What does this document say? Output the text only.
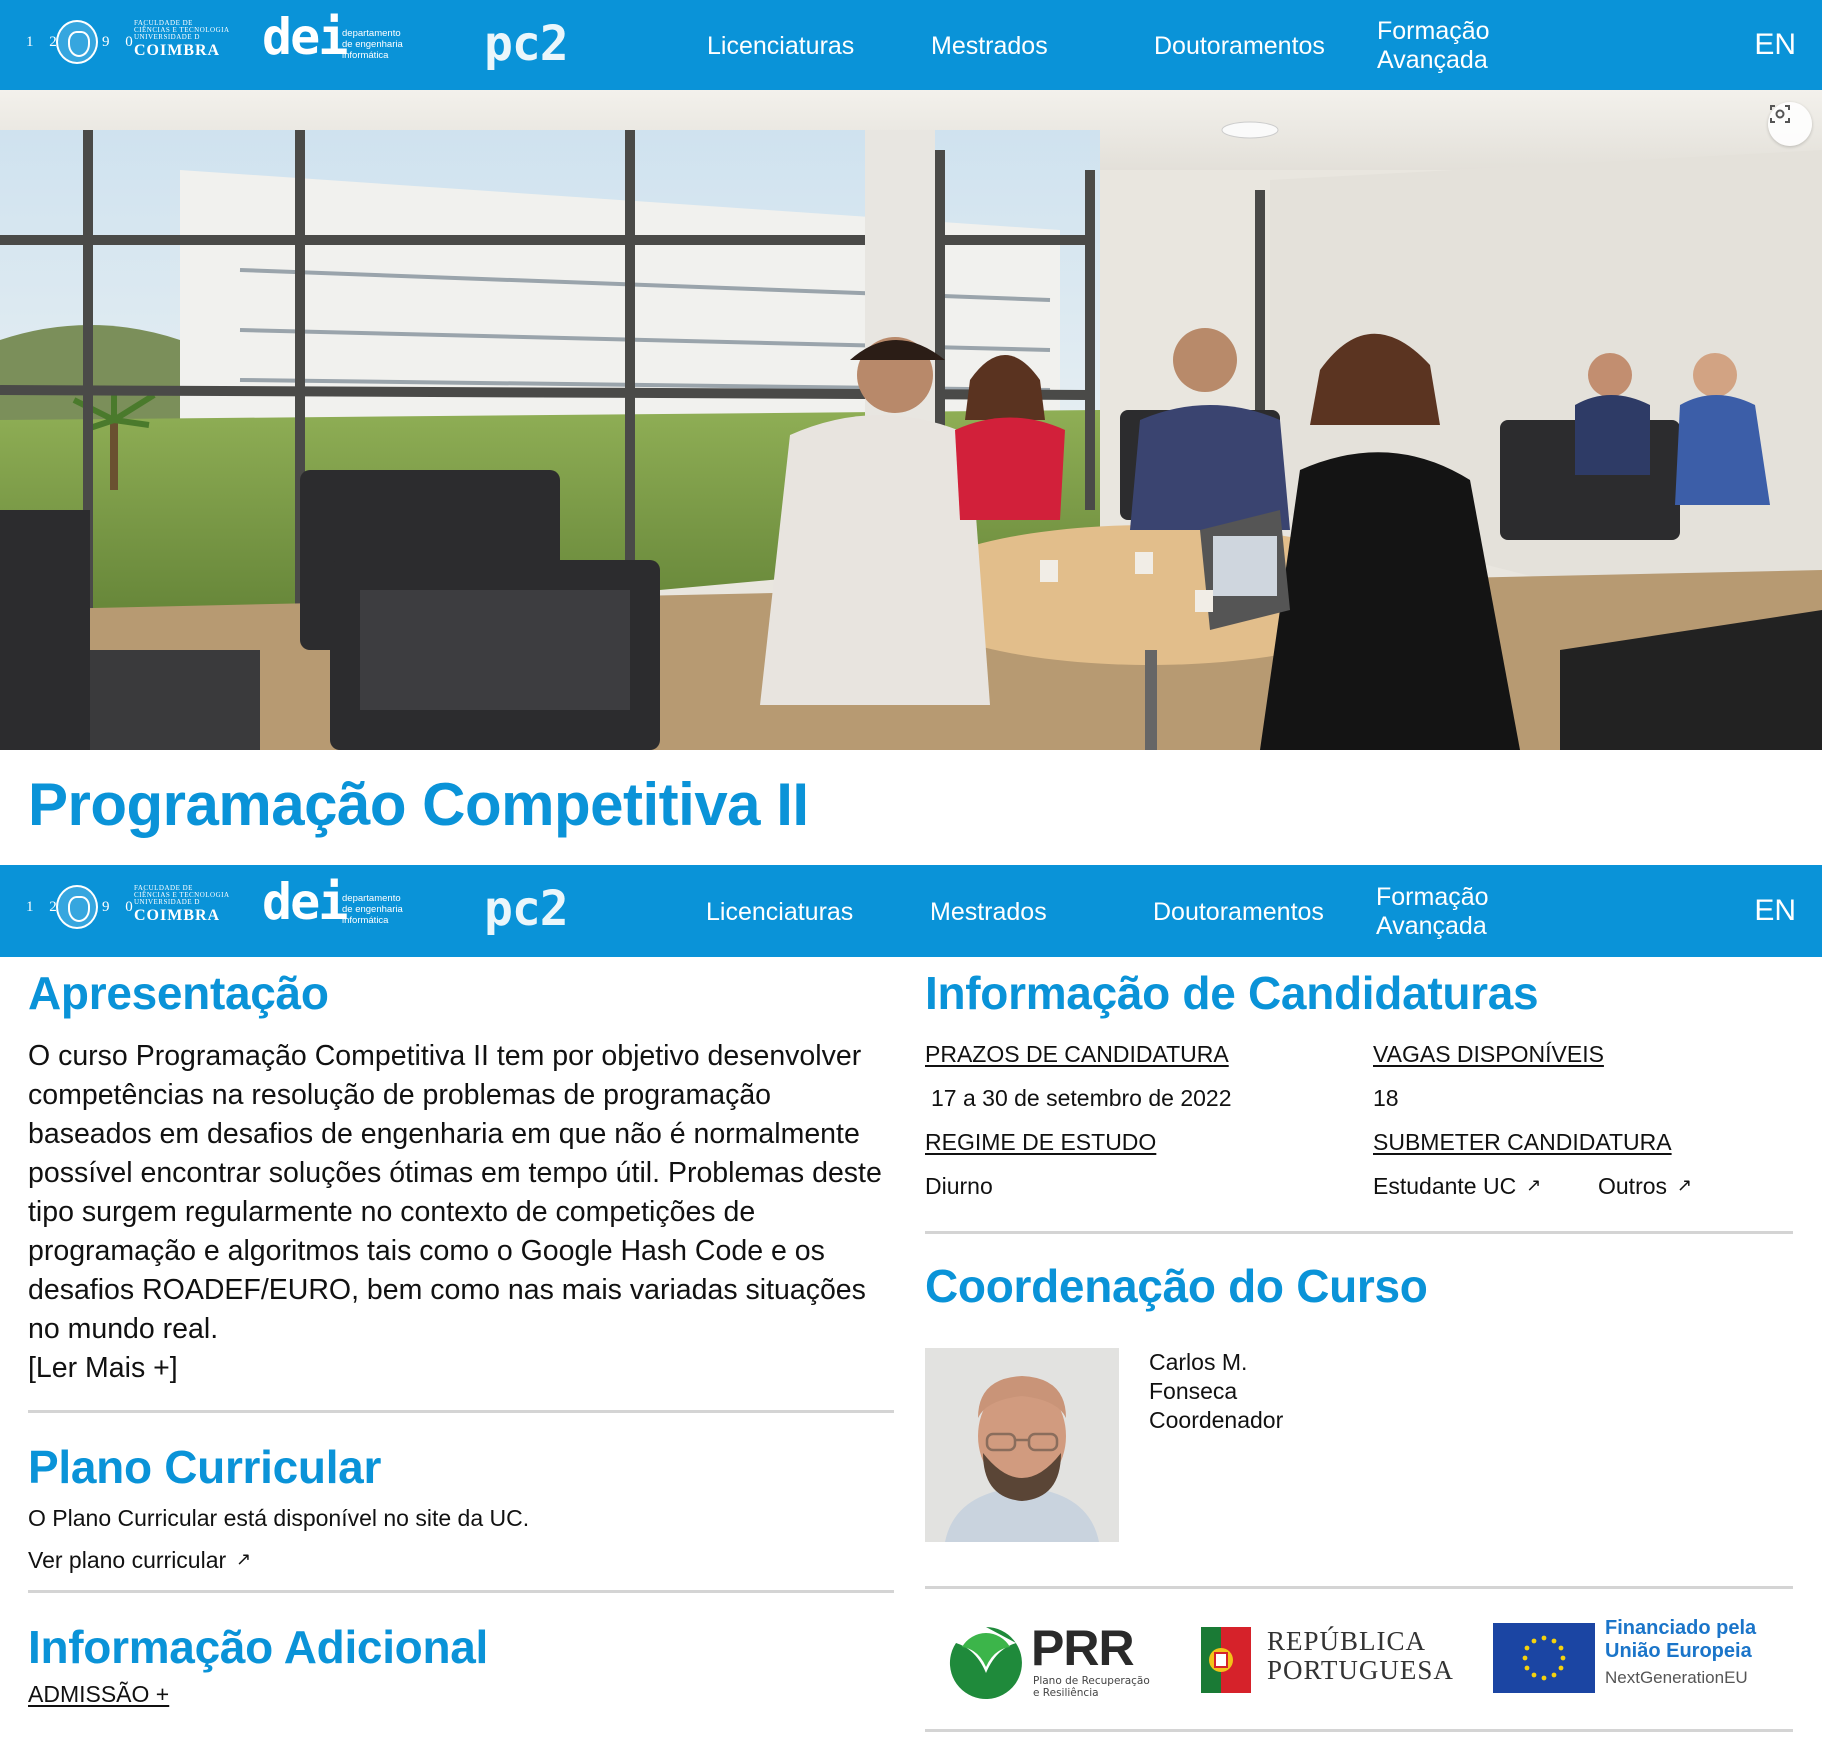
1 2	9 0
FACULDADE DE
CIÊNCIAS E TECNOLOGIA
UNIVERSIDADE D
COIMBRA dei
departamento
de engenharia
informática	pc2	Licenciaturas	Mestrados	Doutoramentos
Formação
Avançada	EN
Programação Competitiva II
1 2	9 0
FACULDADE DE
CIÊNCIAS E TECNOLOGIA
UNIVERSIDADE D
COIMBRA dei
departamento
de engenharia
informática	pc2	Licenciaturas	Mestrados	Doutoramentos
Formação
Avançada	EN
Apresentação

O curso Programação Competitiva II tem por objetivo desenvolver competências na resolução de problemas de programação baseados em desafios de engenharia em que não é normalmente possível encontrar soluções ótimas em tempo útil. Problemas deste tipo surgem regularmente no contexto de competições de programação e algoritmos tais como o Google Hash Code e os desafios ROADEF/EURO, bem como nas mais variadas situações no mundo real.
[Ler Mais +]

Plano Curricular

O Plano Curricular está disponível no site da UC.

Ver plano curricular ↗
Informação Adicional
ADMISSÃO +
Informação de Candidaturas
PRAZOS DE CANDIDATURA	VAGAS DISPONÍVEIS
17 a 30 de setembro de 2022	18
REGIME DE ESTUDO	SUBMETER CANDIDATURA
Diurno	Estudante UC ↗ Outros ↗
Coordenação do Curso
Carlos M.
Fonseca
Coordenador
PRR
Plano de Recuperação
e Resiliência
REPÚBLICA
PORTUGUESA
Financiado pela
União Europeia
NextGenerationEU
